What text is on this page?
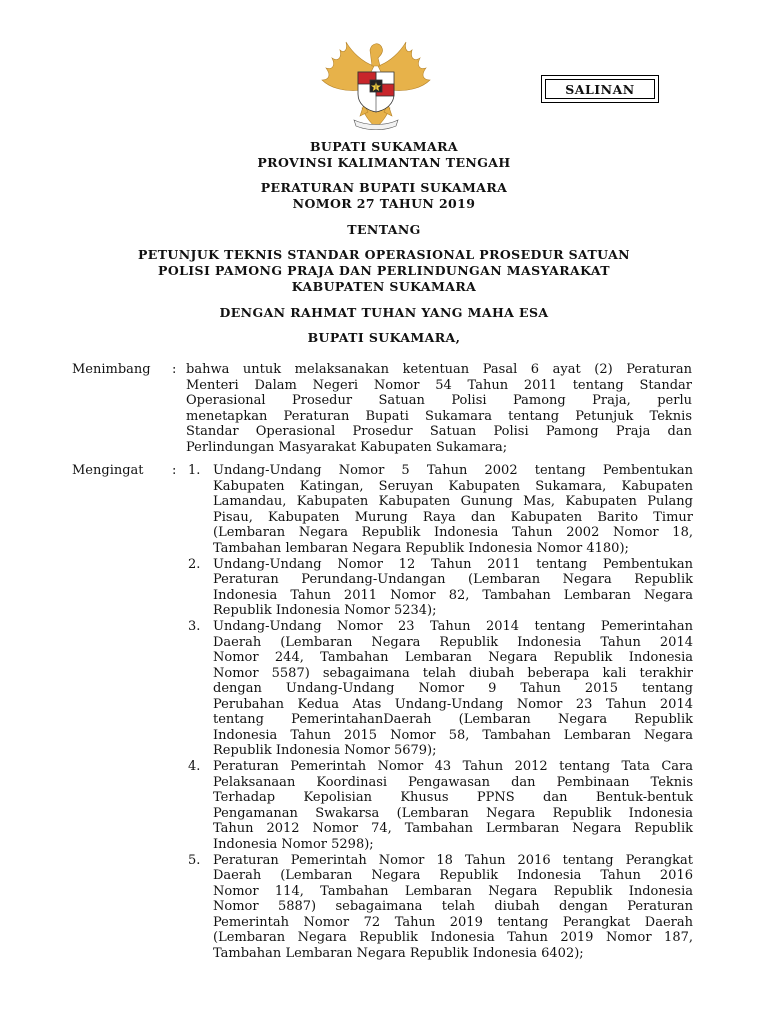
SALINAN
BUPATI SUKAMARA
PROVINSI KALIMANTAN TENGAH
PERATURAN BUPATI SUKAMARA
NOMOR 27 TAHUN 2019
TENTANG
PETUNJUK TEKNIS STANDAR OPERASIONAL PROSEDUR SATUAN
POLISI PAMONG PRAJA DAN PERLINDUNGAN MASYARAKAT
KABUPATEN SUKAMARA
DENGAN RAHMAT TUHAN YANG MAHA ESA
BUPATI SUKAMARA,
Menimbang : bahwa untuk melaksanakan ketentuan Pasal 6 ayat (2) Peraturan
Menteri Dalam Negeri Nomor 54 Tahun 2011 tentang Standar
Operasional Prosedur Satuan Polisi Pamong Praja, perlu
menetapkan Peraturan Bupati Sukamara tentang Petunjuk Teknis
Standar Operasional Prosedur Satuan Polisi Pamong Praja dan
Perlindungan Masyarakat Kabupaten Sukamara;
Mengingat : 1. Undang-Undang Nomor 5 Tahun 2002 tentang Pembentukan
Kabupaten Katingan, Seruyan Kabupaten Sukamara, Kabupaten
Lamandau, Kabupaten Kabupaten Gunung Mas, Kabupaten Pulang
Pisau, Kabupaten Murung Raya dan Kabupaten Barito Timur
(Lembaran Negara Republik Indonesia Tahun 2002 Nomor 18,
Tambahan lembaran Negara Republik Indonesia Nomor 4180);
2. Undang-Undang Nomor 12 Tahun 2011 tentang Pembentukan
Peraturan Perundang-Undangan (Lembaran Negara Republik
Indonesia Tahun 2011 Nomor 82, Tambahan Lembaran Negara
Republik Indonesia Nomor 5234);
3. Undang-Undang Nomor 23 Tahun 2014 tentang Pemerintahan
Daerah (Lembaran Negara Republik Indonesia Tahun 2014
Nomor 244, Tambahan Lembaran Negara Republik Indonesia
Nomor 5587) sebagaimana telah diubah beberapa kali terakhir
dengan Undang-Undang Nomor 9 Tahun 2015 tentang
Perubahan Kedua Atas Undang-Undang Nomor 23 Tahun 2014
tentang PemerintahanDaerah (Lembaran Negara Republik
Indonesia Tahun 2015 Nomor 58, Tambahan Lembaran Negara
Republik Indonesia Nomor 5679);
4. Peraturan Pemerintah Nomor 43 Tahun 2012 tentang Tata Cara
Pelaksanaan Koordinasi Pengawasan dan Pembinaan Teknis
Terhadap Kepolisian Khusus PPNS dan Bentuk-bentuk
Pengamanan Swakarsa (Lembaran Negara Republik Indonesia
Tahun 2012 Nomor 74, Tambahan Lermbaran Negara Republik
Indonesia Nomor 5298);
5. Peraturan Pemerintah Nomor 18 Tahun 2016 tentang Perangkat
Daerah (Lembaran Negara Republik Indonesia Tahun 2016
Nomor 114, Tambahan Lembaran Negara Republik Indonesia
Nomor 5887) sebagaimana telah diubah dengan Peraturan
Pemerintah Nomor 72 Tahun 2019 tentang Perangkat Daerah
(Lembaran Negara Republik Indonesia Tahun 2019 Nomor 187,
Tambahan Lembaran Negara Republik Indonesia 6402);
